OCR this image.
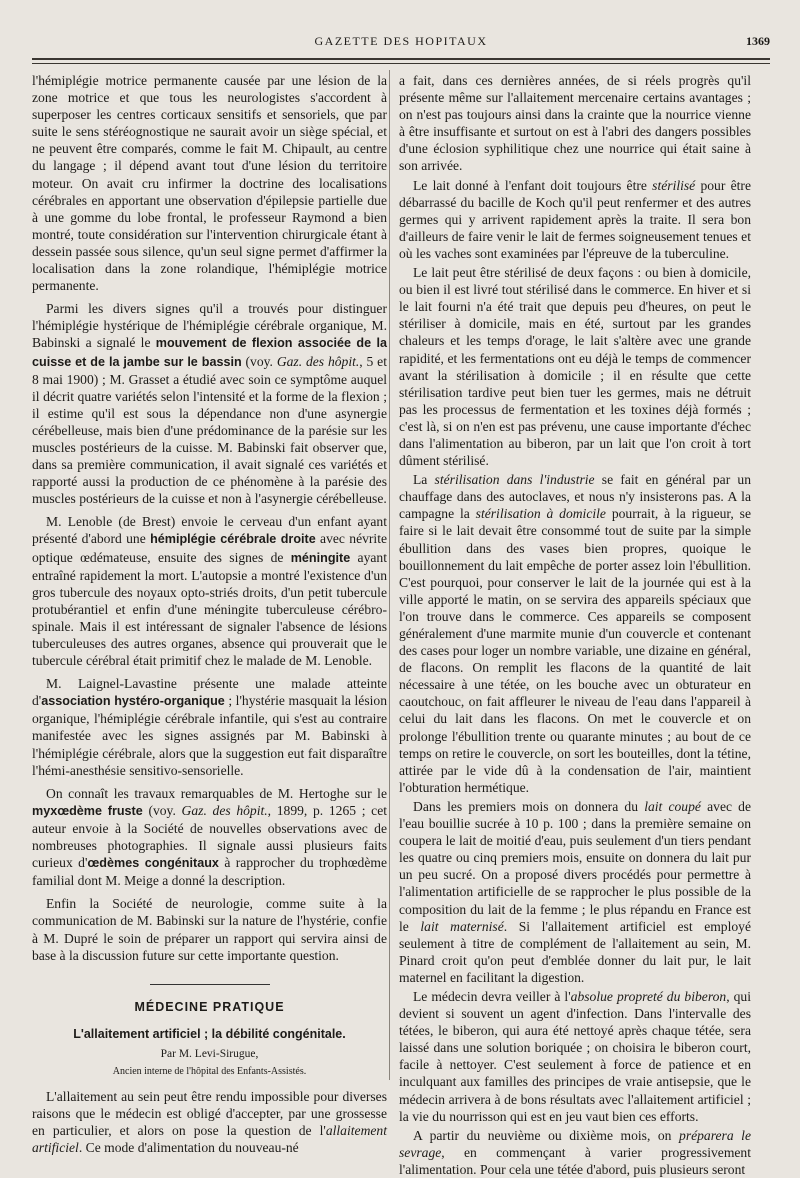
GAZETTE DES HOPITAUX	1369

l'hémiplégie motrice permanente causée par une lésion de la zone motrice et que tous les neurologistes s'accordent à superposer les centres corticaux sensitifs et sensoriels, que par suite le sens stéréognostique ne saurait avoir un siège spécial, et ne peuvent être comparés, comme le fait M. Chipault, au centre du langage ; il dépend avant tout d'une lésion du territoire moteur. On avait cru infirmer la doctrine des localisations cérébrales en apportant une observation d'épilepsie partielle due à une gomme du lobe frontal, le professeur Raymond a bien montré, toute considération sur l'intervention chirurgicale étant à dessein passée sous silence, qu'un seul signe permet d'affirmer la localisation dans la zone rolandique, l'hémiplégie motrice permanente.

Parmi les divers signes qu'il a trouvés pour distinguer l'hémiplégie hystérique de l'hémiplégie cérébrale organique, M. Babinski a signalé le mouvement de flexion associée de la cuisse et de la jambe sur le bassin (voy. Gaz. des hôpit., 5 et 8 mai 1900) ; M. Grasset a étudié avec soin ce symptôme auquel il décrit quatre variétés selon l'intensité et la forme de la flexion ; il estime qu'il est sous la dépendance non d'une asynergie cérébelleuse, mais bien d'une prédominance de la parésie sur les muscles postérieurs de la cuisse. M. Babinski fait observer que, dans sa première communication, il avait signalé ces variétés et rapporté aussi la production de ce phénomène à la parésie des muscles postérieurs de la cuisse et non à l'asynergie cérébelleuse.

M. Lenoble (de Brest) envoie le cerveau d'un enfant ayant présenté d'abord une hémiplégie cérébrale droite avec névrite optique œdémateuse, ensuite des signes de méningite ayant entraîné rapidement la mort. L'autopsie a montré l'existence d'un gros tubercule des noyaux opto-striés droits, d'un petit tubercule protubérantiel et enfin d'une méningite tuberculeuse cérébro-spinale. Mais il est intéressant de signaler l'absence de lésions tuberculeuses des autres organes, absence qui prouverait que le tubercule cérébral était primitif chez le malade de M. Lenoble.

M. Laignel-Lavastine présente une malade atteinte d'association hystéro-organique ; l'hystérie masquait la lésion organique, l'hémiplégie cérébrale infantile, qui s'est au contraire manifestée avec les signes assignés par M. Babinski à l'hémiplégie cérébrale, alors que la suggestion eut fait disparaître l'hémi-anesthésie sensitivo-sensorielle.

On connaît les travaux remarquables de M. Hertoghe sur le myxœdème fruste (voy. Gaz. des hôpit., 1899, p. 1265 ; cet auteur envoie à la Société de nouvelles observations avec de nombreuses photographies. Il signale aussi plusieurs faits curieux d'œdèmes congénitaux à rapprocher du trophœdème familial dont M. Meige a donné la description.

Enfin la Société de neurologie, comme suite à la communication de M. Babinski sur la nature de l'hystérie, confie à M. Dupré le soin de préparer un rapport qui servira ainsi de base à la discussion future sur cette importante question.

MÉDECINE PRATIQUE
L'allaitement artificiel ; la débilité congénitale.
Par M. Levi-Sirugue,
Ancien interne de l'hôpital des Enfants-Assistés.

L'allaitement au sein peut être rendu impossible pour diverses raisons que le médecin est obligé d'accepter, par une grossesse en particulier, et alors on pose la question de l'allaitement artificiel. Ce mode d'alimentation du nouveau-né

a fait, dans ces dernières années, de si réels progrès qu'il présente même sur l'allaitement mercenaire certains avantages ; on n'est pas toujours ainsi dans la crainte que la nourrice vienne à être insuffisante et surtout on est à l'abri des dangers possibles d'une éclosion syphilitique chez une nourrice qui était saine à son arrivée.

Le lait donné à l'enfant doit toujours être stérilisé pour être débarrassé du bacille de Koch qu'il peut renfermer et des autres germes qui y arrivent rapidement après la traite. Il sera bon d'ailleurs de faire venir le lait de fermes soigneusement tenues et où les vaches sont examinées par l'épreuve de la tuberculine.

Le lait peut être stérilisé de deux façons : ou bien à domicile, ou bien il est livré tout stérilisé dans le commerce. En hiver et si le lait fourni n'a été trait que depuis peu d'heures, on peut le stériliser à domicile, mais en été, surtout par les grandes chaleurs et les temps d'orage, le lait s'altère avec une grande rapidité, et les fermentations ont eu déjà le temps de commencer avant la stérilisation à domicile ; il en résulte que cette stérilisation tardive peut bien tuer les germes, mais ne détruit pas les processus de fermentation et les toxines déjà formés ; c'est là, si on n'en est pas prévenu, une cause importante d'échec dans l'alimentation au biberon, par un lait que l'on croit à tort dûment stérilisé.

La stérilisation dans l'industrie se fait en général par un chauffage dans des autoclaves, et nous n'y insisterons pas. A la campagne la stérilisation à domicile pourrait, à la rigueur, se faire si le lait devait être consommé tout de suite par la simple ébullition dans des vases bien propres, quoique le bouillonnement du lait empêche de porter assez loin l'ébullition. C'est pourquoi, pour conserver le lait de la journée qui est à la ville apporté le matin, on se servira des appareils spéciaux que l'on trouve dans le commerce. Ces appareils se composent généralement d'une marmite munie d'un couvercle et contenant des cases pour loger un nombre variable, une dizaine en général, de flacons. On remplit les flacons de la quantité de lait nécessaire à une tétée, on les bouche avec un obturateur en caoutchouc, on fait affleurer le niveau de l'eau dans l'appareil à celui du lait dans les flacons. On met le couvercle et on prolonge l'ébullition trente ou quarante minutes ; au bout de ce temps on retire le couvercle, on sort les bouteilles, dont la tétine, attirée par le vide dû à la condensation de l'air, maintient l'obturation hermétique.

Dans les premiers mois on donnera du lait coupé avec de l'eau bouillie sucrée à 10 p. 100 ; dans la première semaine on coupera le lait de moitié d'eau, puis seulement d'un tiers pendant les quatre ou cinq premiers mois, ensuite on donnera du lait pur un peu sucré. On a proposé divers procédés pour permettre à l'alimentation artificielle de se rapprocher le plus possible de la composition du lait de la femme ; le plus répandu en France est le lait maternisé. Si l'allaitement artificiel est employé seulement à titre de complément de l'allaitement au sein, M. Pinard croit qu'on peut d'emblée donner du lait pur, le lait maternel en facilitant la digestion.

Le médecin devra veiller à l'absolue propreté du biberon, qui devient si souvent un agent d'infection. Dans l'intervalle des tétées, le biberon, qui aura été nettoyé après chaque tétée, sera laissé dans une solution boriquée ; on choisira le biberon court, facile à nettoyer. C'est seulement à force de patience et en inculquant aux familles des principes de vraie antisepsie, que le médecin arrivera à de bons résultats avec l'allaitement artificiel ; la vie du nourrisson qui est en jeu vaut bien ces efforts.

A partir du neuvième ou dixième mois, on préparera le sevrage, en commençant à varier progressivement l'alimentation. Pour cela une tétée d'abord, puis plusieurs seront
